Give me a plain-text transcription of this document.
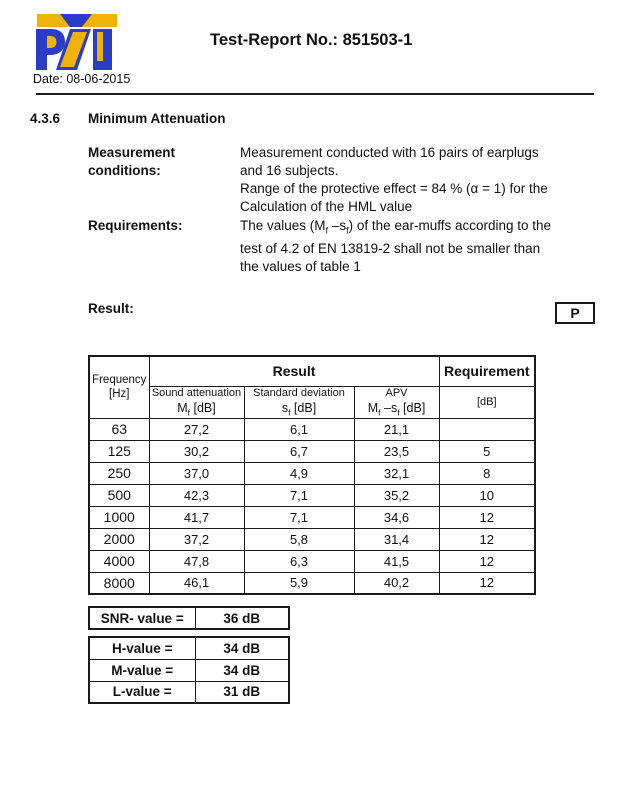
Date: 08-06-2015
Test-Report No.: 851503-1
4.3.6 Minimum Attenuation
Measurement
conditions:
Measurement conducted with 16 pairs of earplugs
and 16 subjects.
Range of the protective effect = 84 % (α = 1) for the
Calculation of the HML value
Requirements:	The values ($M_f$ $-s_f$) of the ear-muffs according to the
test of 4.2 of EN 13819-2 shall not be smaller than
the values of table 1
Result:	P
Frequency
[Hz]	Result			Requirement

Sound attenuation
$M_f$ [dB]

Standard deviation
$s_f$ [dB]

APV
$M_f$ $-s_f$ [dB]	[dB]
63	27,2	6,1	21,1	
125	30,2	6,7	23,5	5
250	37,0	4,9	32,1	8
500	42,3	7,1	35,2	10
1000	41,7	7,1	34,6	12
2000	37,2	5,8	31,4	12
4000	47,8	6,3	41,5	12
8000	46,1	5,9	40,2	12
SNR- value =	36 dB
H-value =	34 dB
M-value =	34 dB
L-value =	31 dB
